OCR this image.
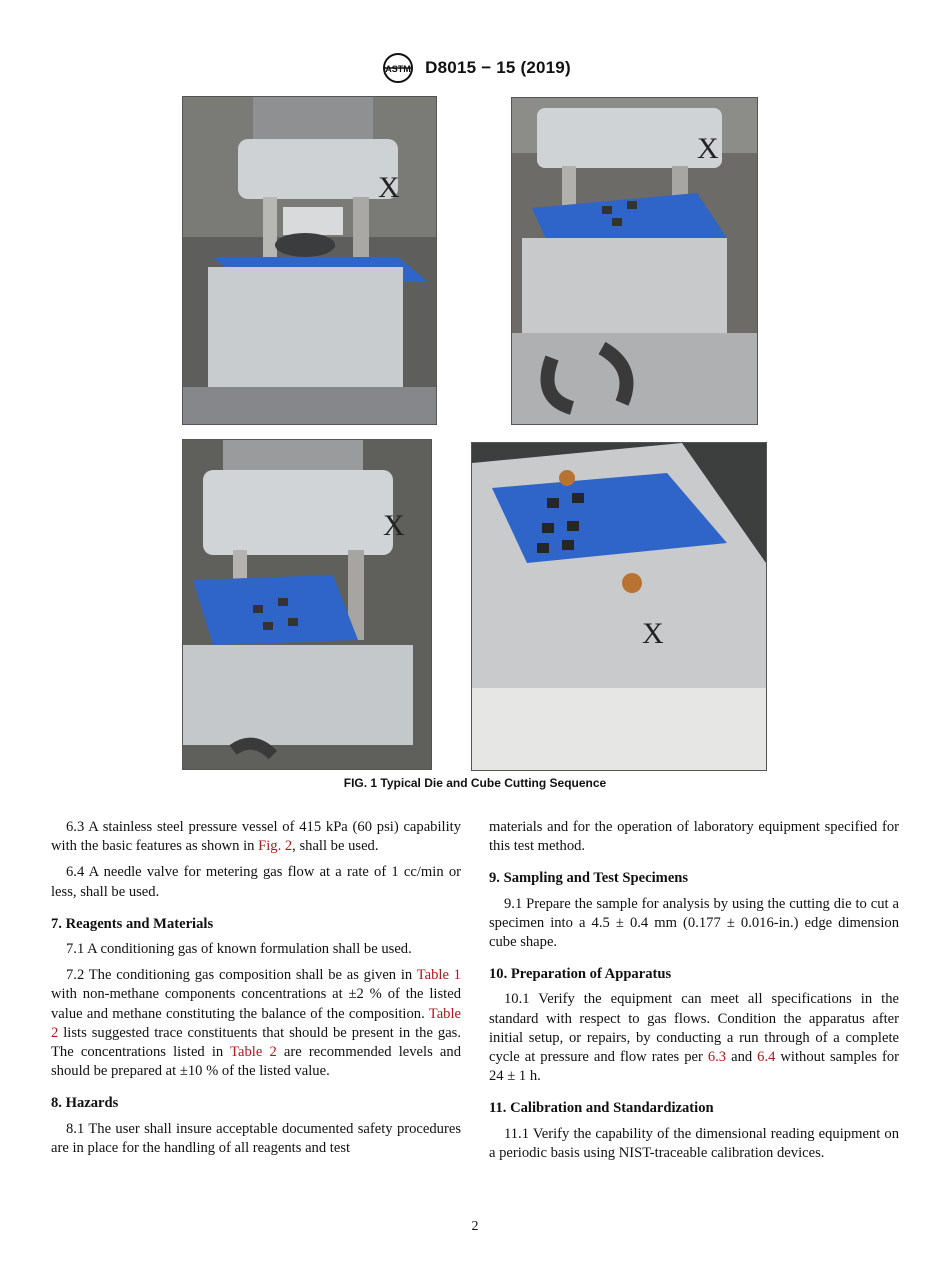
ASTM D8015 − 15 (2019)
X
X
X
X
FIG. 1 Typical Die and Cube Cutting Sequence

6.3 A stainless steel pressure vessel of 415 kPa (60 psi) capability with the basic features as shown in Fig. 2, shall be used.

6.4 A needle valve for metering gas flow at a rate of 1 cc/min or less, shall be used.

7. Reagents and Materials

7.1 A conditioning gas of known formulation shall be used.

7.2 The conditioning gas composition shall be as given in Table 1 with non-methane components concentrations at ±2 % of the listed value and methane constituting the balance of the composition. Table 2 lists suggested trace constituents that should be present in the gas. The concentrations listed in Table 2 are recommended levels and should be prepared at ±10 % of the listed value.

8. Hazards

8.1 The user shall insure acceptable documented safety procedures are in place for the handling of all reagents and test

materials and for the operation of laboratory equipment specified for this test method.

9. Sampling and Test Specimens

9.1 Prepare the sample for analysis by using the cutting die to cut a specimen into a 4.5 ± 0.4 mm (0.177 ± 0.016-in.) edge dimension cube shape.

10. Preparation of Apparatus

10.1 Verify the equipment can meet all specifications in the standard with respect to gas flows. Condition the apparatus after initial setup, or repairs, by conducting a run through of a complete cycle at pressure and flow rates per 6.3 and 6.4 without samples for 24 ± 1 h.

11. Calibration and Standardization

11.1 Verify the capability of the dimensional reading equipment on a periodic basis using NIST-traceable calibration devices.

2
